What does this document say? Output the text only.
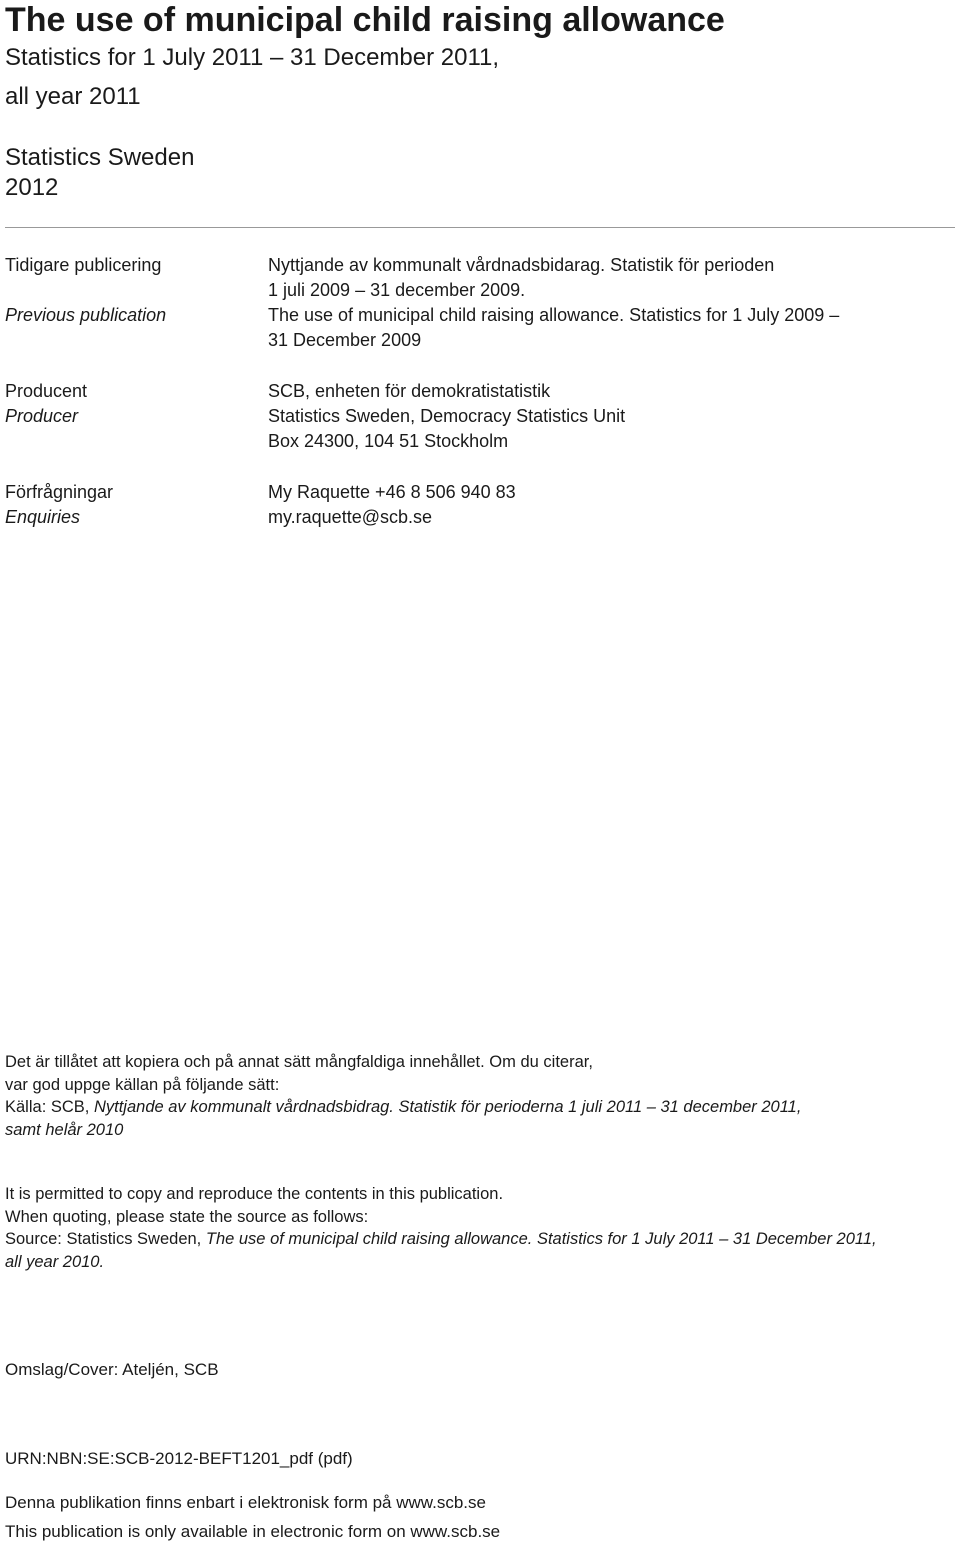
The use of municipal child raising allowance
Statistics for 1 July 2011 – 31 December 2011,
all year 2011
Statistics Sweden
2012
Tidigare publicering
Previous publication
Nyttjande av kommunalt vårdnadsbidarag. Statistik för perioden
1 juli 2009 – 31 december 2009.
The use of municipal child raising allowance. Statistics for 1 July 2009 –
31 December 2009
Producent
Producer
SCB, enheten för demokratistatistik
Statistics Sweden, Democracy Statistics Unit
Box 24300, 104 51 Stockholm
Förfrågningar
Enquiries
My Raquette +46 8 506 940 83
my.raquette@scb.se
Det är tillåtet att kopiera och på annat sätt mångfaldiga innehållet. Om du citerar,
var god uppge källan på följande sätt:
Källa: SCB, Nyttjande av kommunalt vårdnadsbidrag. Statistik för perioderna 1 juli 2011 – 31 december 2011,
samt helår 2010
It is permitted to copy and reproduce the contents in this publication.
When quoting, please state the source as follows:
Source: Statistics Sweden, The use of municipal child raising allowance. Statistics for 1 July 2011 – 31 December 2011,
all year 2010.
Omslag/Cover: Ateljén, SCB
URN:NBN:SE:SCB-2012-BEFT1201_pdf (pdf)
Denna publikation finns enbart i elektronisk form på www.scb.se
This publication is only available in electronic form on www.scb.se
